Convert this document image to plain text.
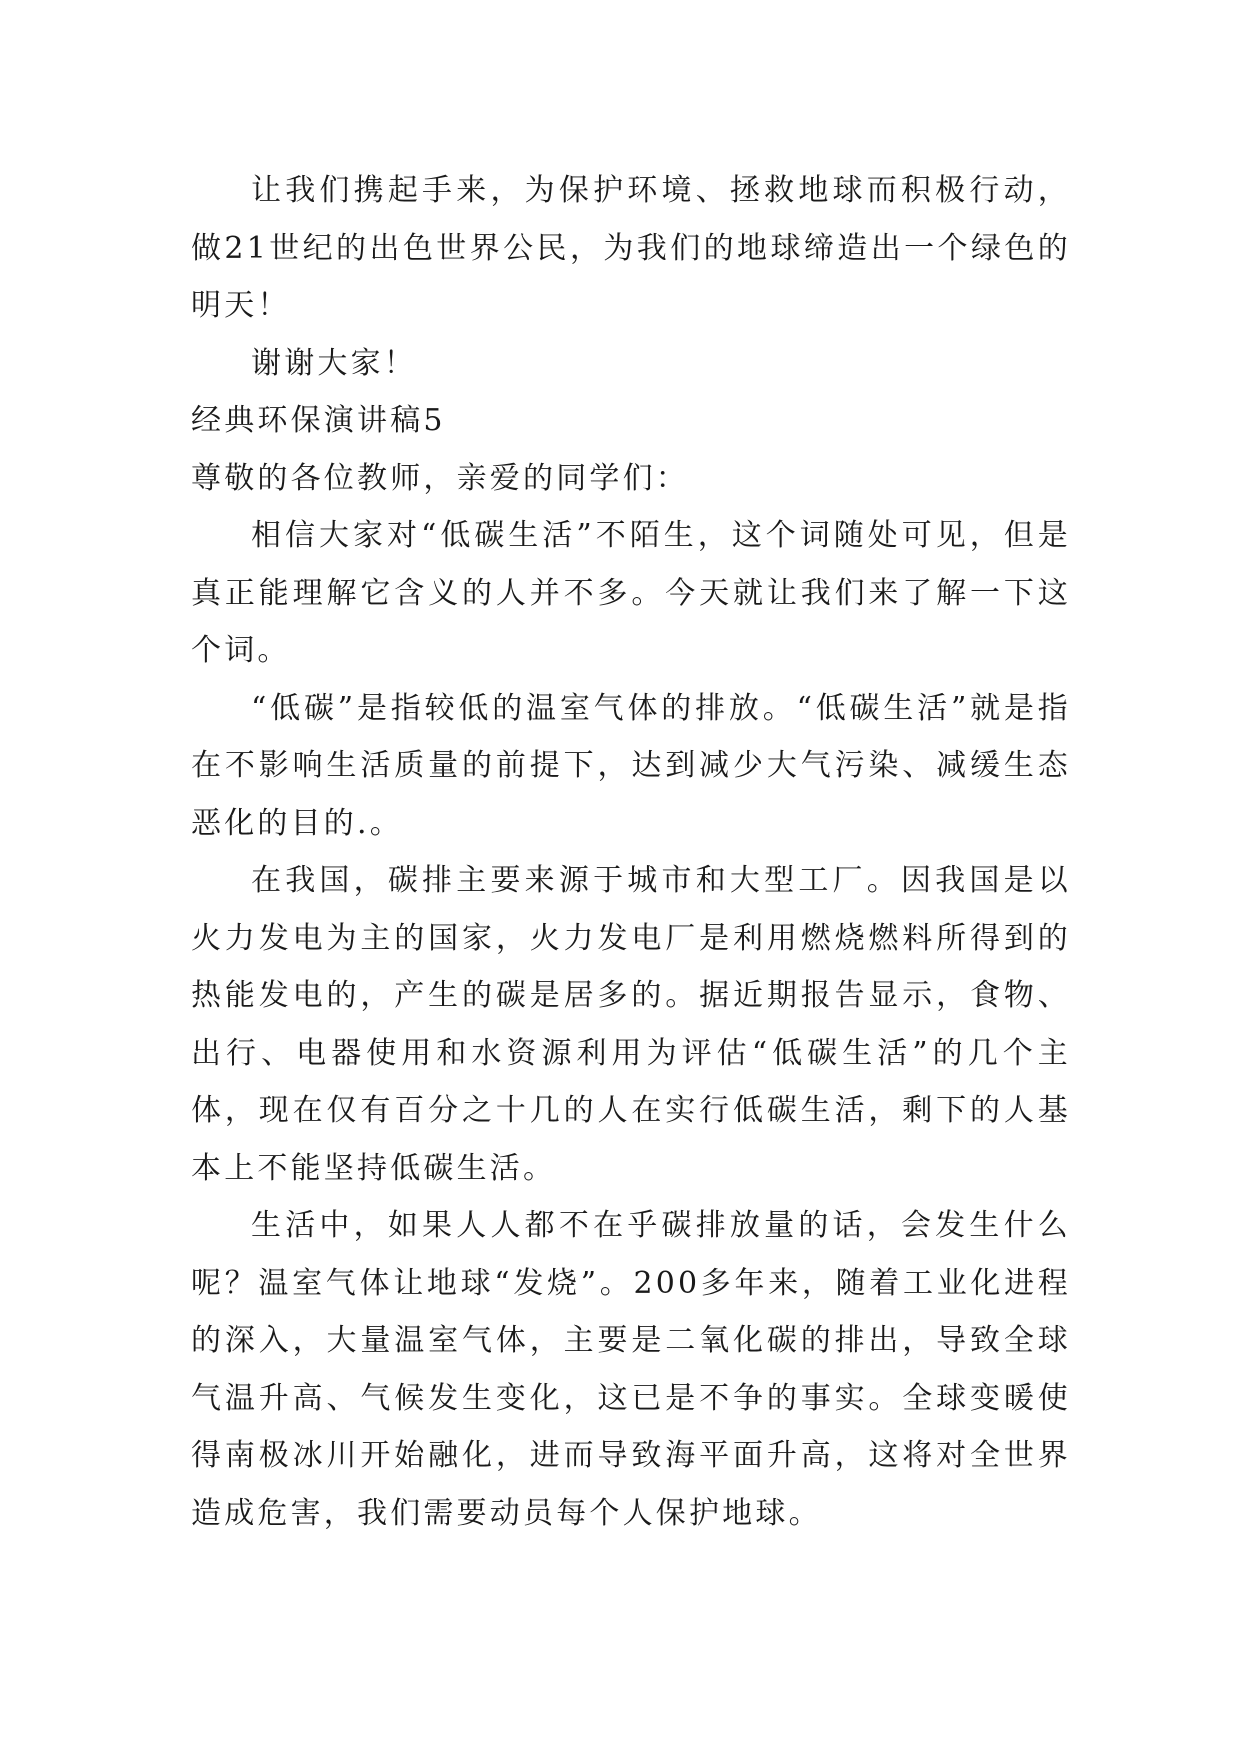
让我们携起手来，为保护环境、拯救地球而积极行动，做21世纪的出色世界公民，为我们的地球缔造出一个绿色的明天！

谢谢大家！

经典环保演讲稿5

尊敬的各位教师，亲爱的同学们：

相信大家对“低碳生活”不陌生，这个词随处可见，但是真正能理解它含义的人并不多。今天就让我们来了解一下这个词。

“低碳”是指较低的温室气体的排放。“低碳生活”就是指在不影响生活质量的前提下，达到减少大气污染、减缓生态恶化的目的.。

在我国，碳排主要来源于城市和大型工厂。因我国是以火力发电为主的国家，火力发电厂是利用燃烧燃料所得到的热能发电的，产生的碳是居多的。据近期报告显示，食物、出行、电器使用和水资源利用为评估“低碳生活”的几个主体，现在仅有百分之十几的人在实行低碳生活，剩下的人基本上不能坚持低碳生活。

生活中，如果人人都不在乎碳排放量的话，会发生什么呢？温室气体让地球“发烧”。200多年来，随着工业化进程的深入，大量温室气体，主要是二氧化碳的排出，导致全球气温升高、气候发生变化，这已是不争的事实。全球变暖使得南极冰川开始融化，进而导致海平面升高，这将对全世界造成危害，我们需要动员每个人保护地球。
